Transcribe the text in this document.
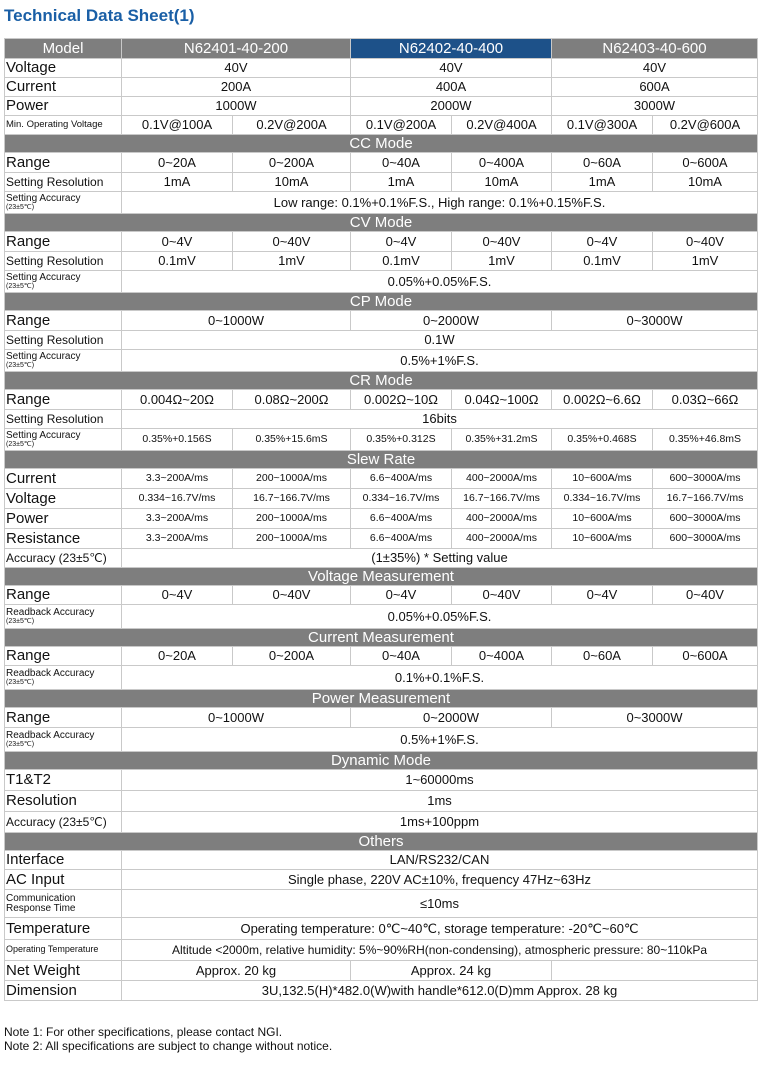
Technical Data Sheet(1)
Model	N62401-40-200		N62402-40-400		N62403-40-600	
Voltage	40V		40V		40V	
Current	200A		400A		600A	
Power	1000W		2000W		3000W	
Min. Operating Voltage	0.1V@100A	0.2V@200A	0.1V@200A	0.2V@400A	0.1V@300A	0.2V@600A
CC Mode						
Range	0~20A	0~200A	0~40A	0~400A	0~60A	0~600A
Setting Resolution	1mA	10mA	1mA	10mA	1mA	10mA

Setting Accuracy
(23±5℃)	Low range: 0.1%+0.1%F.S., High range: 0.1%+0.15%F.S.					
CV Mode						
Range	0~4V	0~40V	0~4V	0~40V	0~4V	0~40V
Setting Resolution	0.1mV	1mV	0.1mV	1mV	0.1mV	1mV

Setting Accuracy
(23±5℃)	0.05%+0.05%F.S.					
CP Mode						
Range	0~1000W		0~2000W		0~3000W	
Setting Resolution	0.1W					

Setting Accuracy
(23±5℃)	0.5%+1%F.S.					
CR Mode						
Range	0.004Ω~20Ω	0.08Ω~200Ω	0.002Ω~10Ω	0.04Ω~100Ω	0.002Ω~6.6Ω	0.03Ω~66Ω
Setting Resolution	16bits					

Setting Accuracy
(23±5℃)	0.35%+0.156S	0.35%+15.6mS	0.35%+0.312S	0.35%+31.2mS	0.35%+0.468S	0.35%+46.8mS
Slew Rate						
Current	3.3~200A/ms	200~1000A/ms	6.6~400A/ms	400~2000A/ms	10~600A/ms	600~3000A/ms
Voltage	0.334~16.7V/ms	16.7~166.7V/ms	0.334~16.7V/ms	16.7~166.7V/ms	0.334~16.7V/ms	16.7~166.7V/ms
Power	3.3~200A/ms	200~1000A/ms	6.6~400A/ms	400~2000A/ms	10~600A/ms	600~3000A/ms
Resistance	3.3~200A/ms	200~1000A/ms	6.6~400A/ms	400~2000A/ms	10~600A/ms	600~3000A/ms
Accuracy (23±5℃)	(1±35%) * Setting value					
Voltage Measurement						
Range	0~4V	0~40V	0~4V	0~40V	0~4V	0~40V

Readback Accuracy
(23±5℃)	0.05%+0.05%F.S.					
Current Measurement						
Range	0~20A	0~200A	0~40A	0~400A	0~60A	0~600A

Readback Accuracy
(23±5℃)	0.1%+0.1%F.S.					
Power Measurement						
Range	0~1000W		0~2000W		0~3000W	

Readback Accuracy
(23±5℃)	0.5%+1%F.S.					
Dynamic Mode						
T1&T2	1~60000ms					
Resolution	1ms					
Accuracy (23±5℃)	1ms+100ppm					
Others						
Interface	LAN/RS232/CAN					
AC Input	Single phase, 220V AC±10%, frequency 47Hz~63Hz					

Communication
Response Time	≤10ms					
Temperature	Operating temperature: 0℃~40℃, storage temperature: -20℃~60℃					
Operating Temperature	Altitude <2000m, relative humidity: 5%~90%RH(non-condensing), atmospheric pressure: 80~110kPa					
Net Weight	Approx. 20 kg		Approx. 24 kg			
Dimension	3U,132.5(H)*482.0(W)with handle*612.0(D)mm Approx. 28 kg					
Note 1: For other specifications, please contact NGI.
Note 2: All specifications are subject to change without notice.
